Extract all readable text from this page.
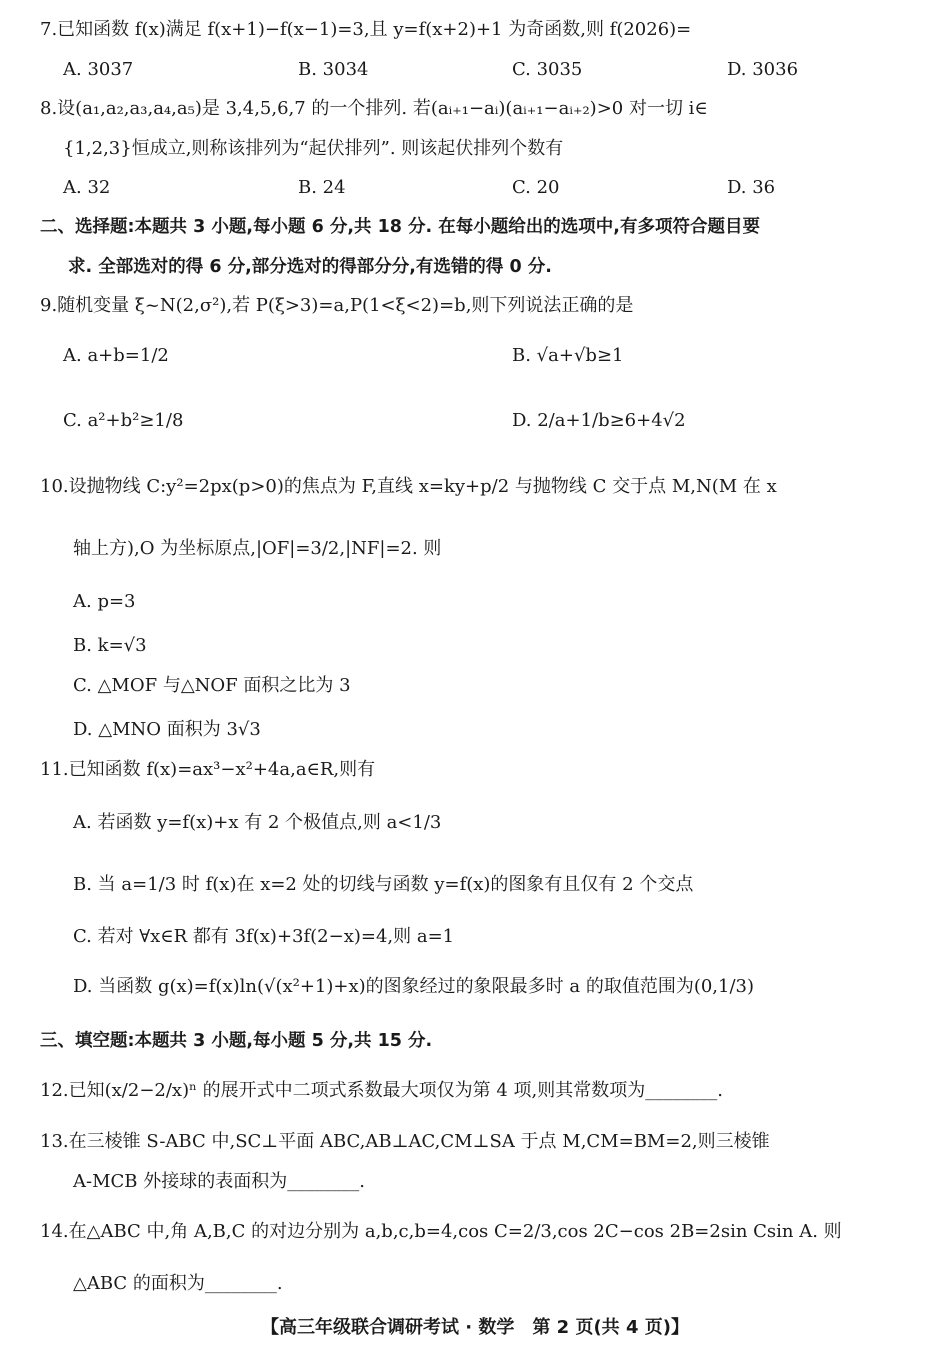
7.已知函数 f(x)满足 f(x+1)−f(x−1)=3,且 y=f(x+2)+1 为奇函数,则 f(2026)=
A. 3037	B. 3034	C. 3035	D. 3036
8.设(a₁,a₂,a₃,a₄,a₅)是 3,4,5,6,7 的一个排列. 若(aᵢ₊₁−aᵢ)(aᵢ₊₁−aᵢ₊₂)>0 对一切 i∈
{1,2,3}恒成立,则称该排列为“起伏排列”. 则该起伏排列个数有
A. 32	B. 24	C. 20	D. 36
二、选择题:本题共 3 小题,每小题 6 分,共 18 分. 在每小题给出的选项中,有多项符合题目要
求. 全部选对的得 6 分,部分选对的得部分分,有选错的得 0 分.
9.随机变量 ξ~N(2,σ²),若 P(ξ>3)=a,P(1<ξ<2)=b,则下列说法正确的是
A. a+b=1/2	B. √a+√b≥1
C. a²+b²≥1/8	D. 2/a+1/b≥6+4√2
10.设抛物线 C:y²=2px(p>0)的焦点为 F,直线 x=ky+p/2 与抛物线 C 交于点 M,N(M 在 x
轴上方),O 为坐标原点,|OF|=3/2,|NF|=2. 则
A. p=3
B. k=√3
C. △MOF 与△NOF 面积之比为 3
D. △MNO 面积为 3√3
11.已知函数 f(x)=ax³−x²+4a,a∈R,则有
A. 若函数 y=f(x)+x 有 2 个极值点,则 a<1/3
B. 当 a=1/3 时 f(x)在 x=2 处的切线与函数 y=f(x)的图象有且仅有 2 个交点
C. 若对 ∀x∈R 都有 3f(x)+3f(2−x)=4,则 a=1
D. 当函数 g(x)=f(x)ln(√(x²+1)+x)的图象经过的象限最多时 a 的取值范围为(0,1/3)
三、填空题:本题共 3 小题,每小题 5 分,共 15 分.
12.已知(x/2−2/x)ⁿ 的展开式中二项式系数最大项仅为第 4 项,则其常数项为________.
13.在三棱锥 S-ABC 中,SC⊥平面 ABC,AB⊥AC,CM⊥SA 于点 M,CM=BM=2,则三棱锥
A-MCB 外接球的表面积为________.
14.在△ABC 中,角 A,B,C 的对边分别为 a,b,c,b=4,cos C=2/3,cos 2C−cos 2B=2sin Csin A. 则
△ABC 的面积为________.
【高三年级联合调研考试 · 数学　第 2 页(共 4 页)】
